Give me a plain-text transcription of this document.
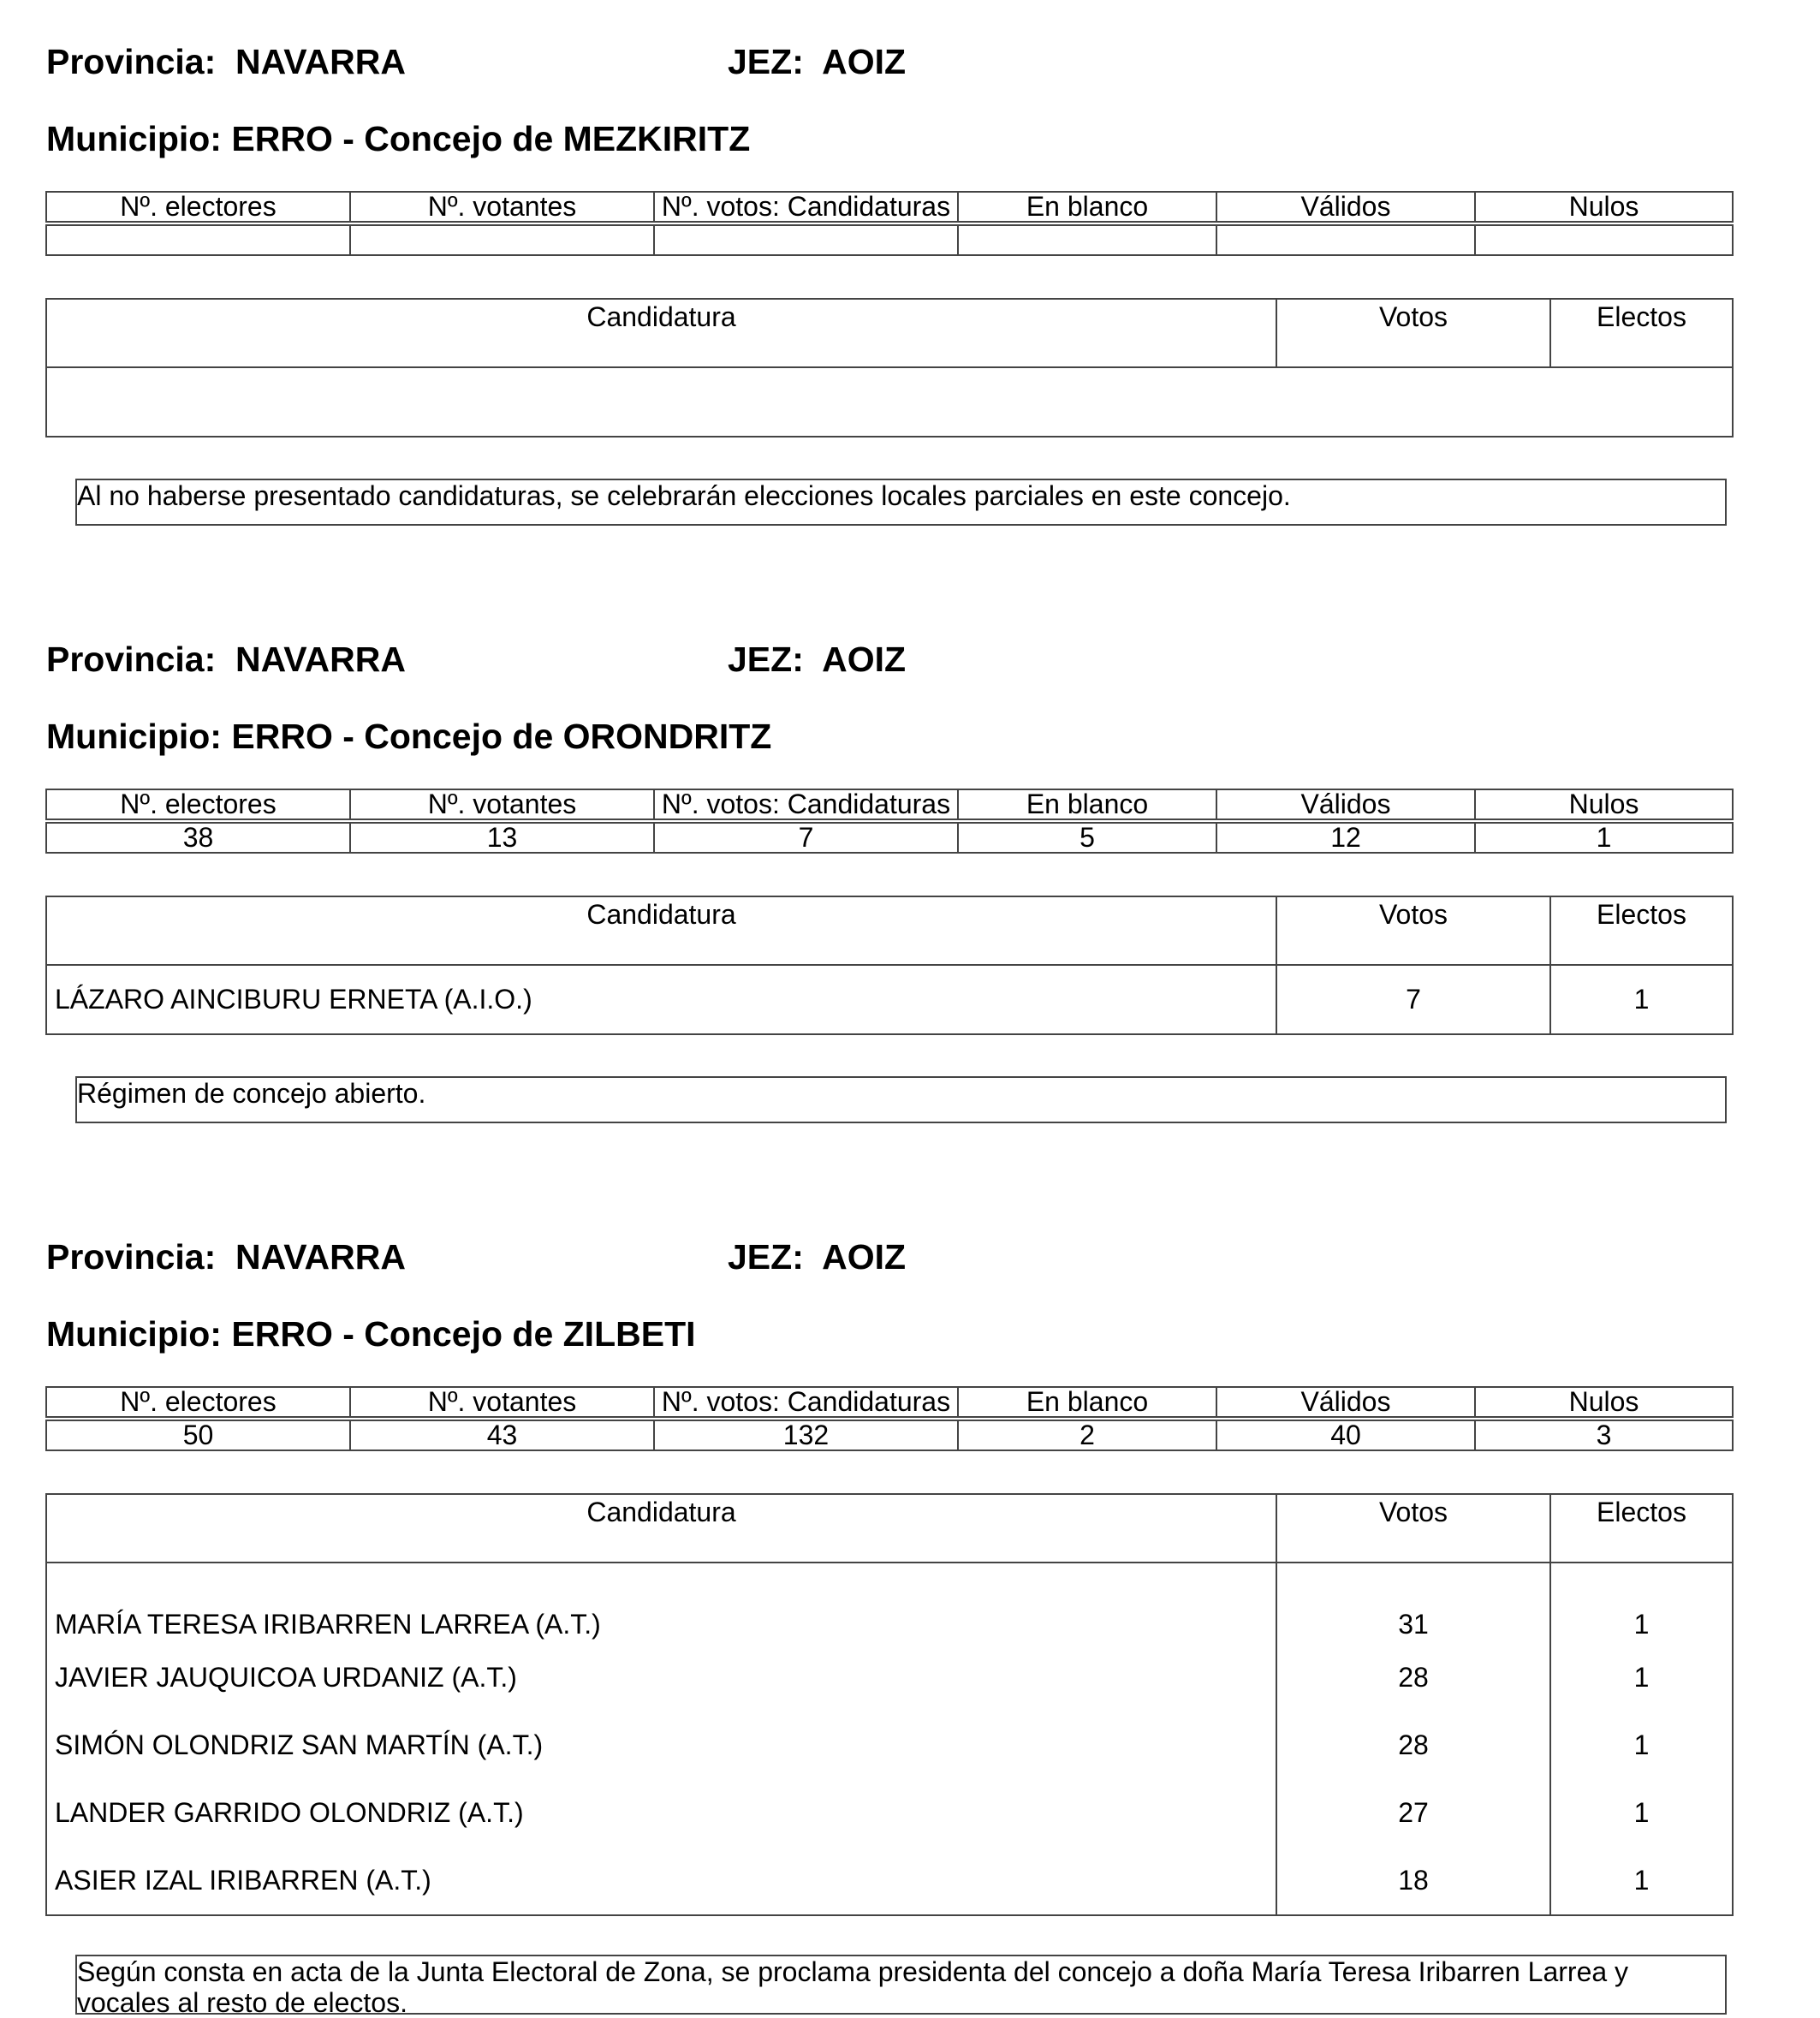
Provincia: NAVARRA	JEZ: AOIZ
Municipio: ERRO - Concejo de MEZKIRITZ
Nº. electores	Nº. votantes	Nº. votos: Candidaturas	En blanco	Válidos	Nulos

Candidatura	Votos	Electos

Al no haberse presentado candidaturas, se celebrarán elecciones locales parciales en este concejo.
Provincia: NAVARRA	JEZ: AOIZ
Municipio: ERRO - Concejo de ORONDRITZ
Nº. electores	Nº. votantes	Nº. votos: Candidaturas	En blanco	Válidos	Nulos

38	13	7	5	12	1
Candidatura	Votos	Electos
LÁZARO AINCIBURU ERNETA (A.I.O.)	7	1
Régimen de concejo abierto.
Provincia: NAVARRA	JEZ: AOIZ
Municipio: ERRO - Concejo de ZILBETI
Nº. electores	Nº. votantes	Nº. votos: Candidaturas	En blanco	Válidos	Nulos

50	43	132	2	40	3
Candidatura	Votos	Electos
MARÍA TERESA IRIBARREN LARREA (A.T.)	31	1
JAVIER JAUQUICOA URDANIZ (A.T.)	28	1
SIMÓN OLONDRIZ SAN MARTÍN (A.T.)	28	1
LANDER GARRIDO OLONDRIZ (A.T.)	27	1
ASIER IZAL IRIBARREN (A.T.)	18	1
Según consta en acta de la Junta Electoral de Zona, se proclama presidenta del concejo a doña María Teresa Iribarren Larrea y vocales al resto de electos.
